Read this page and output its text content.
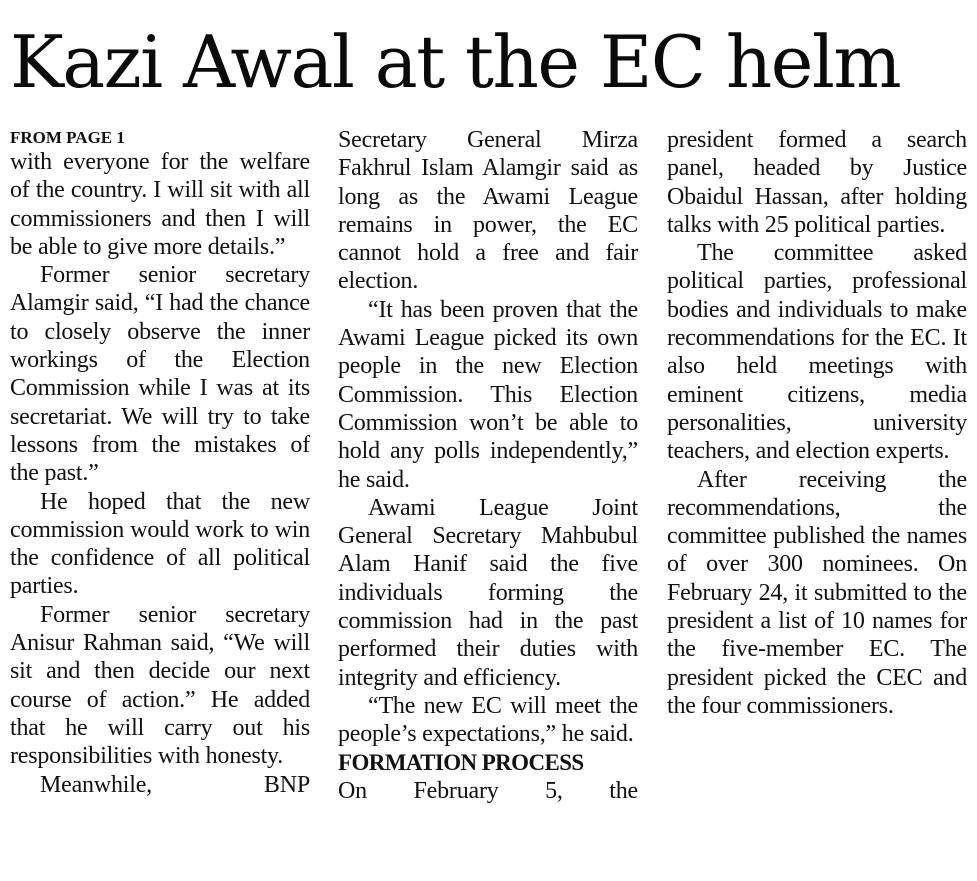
Kazi Awal at the EC helm
FROM PAGE 1

with everyone for the welfare of the country. I will sit with all commissioners and then I will be able to give more details.”

Former senior secretary Alamgir said, “I had the chance to closely observe the inner workings of the Election Commission while I was at its secretariat. We will try to take lessons from the mistakes of the past.”

He hoped that the new commission would work to win the confidence of all political parties.

Former senior secretary Anisur Rahman said, “We will sit and then decide our next course of action.” He added that he will carry out his responsibilities with honesty.

Meanwhile, BNP

Secretary General Mirza Fakhrul Islam Alamgir said as long as the Awami League remains in power, the EC cannot hold a free and fair election.

“It has been proven that the Awami League picked its own people in the new Election Commission. This Election Commission won’t be able to hold any polls independently,” he said.

Awami League Joint General Secretary Mahbubul Alam Hanif said the five individuals forming the commission had in the past performed their duties with integrity and efficiency.

“The new EC will meet the people’s expectations,” he said.

FORMATION PROCESS

On February 5, the

president formed a search panel, headed by Justice Obaidul Hassan, after holding talks with 25 political parties.

The committee asked political parties, professional bodies and individuals to make recommendations for the EC. It also held meetings with eminent citizens, media personalities, university teachers, and election experts.

After receiving the recommendations, the committee published the names of over 300 nominees. On February 24, it submitted to the president a list of 10 names for the five-member EC. The president picked the CEC and the four commissioners.
